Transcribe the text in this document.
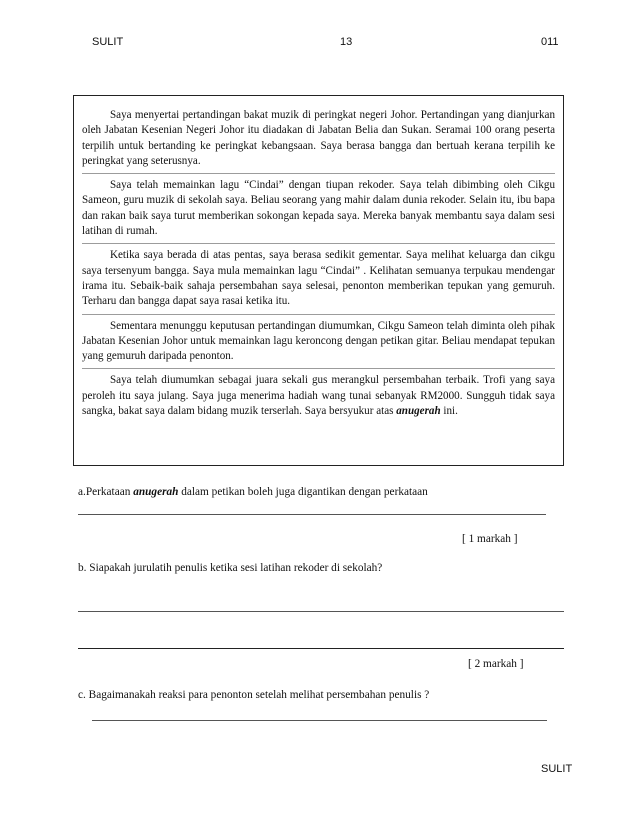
SULIT	13	011

Saya menyertai pertandingan bakat muzik di peringkat negeri Johor. Pertandingan yang dianjurkan oleh Jabatan Kesenian Negeri Johor itu diadakan di Jabatan Belia dan Sukan. Seramai 100 orang peserta terpilih untuk bertanding ke peringkat kebangsaan. Saya berasa bangga dan bertuah kerana terpilih ke peringkat yang seterusnya.

Saya telah memainkan lagu “Cindai” dengan tiupan rekoder. Saya telah dibimbing oleh Cikgu Sameon, guru muzik di sekolah saya. Beliau seorang yang mahir dalam dunia rekoder. Selain itu, ibu bapa dan rakan baik saya turut memberikan sokongan kepada saya. Mereka banyak membantu saya dalam sesi latihan di rumah.

Ketika saya berada di atas pentas, saya berasa sedikit gementar. Saya melihat keluarga dan cikgu saya tersenyum bangga. Saya mula memainkan lagu “Cindai” . Kelihatan semuanya terpukau mendengar irama itu. Sebaik-baik sahaja persembahan saya selesai, penonton memberikan tepukan yang gemuruh. Terharu dan bangga dapat saya rasai ketika itu.

Sementara menunggu keputusan pertandingan diumumkan, Cikgu Sameon telah diminta oleh pihak Jabatan Kesenian Johor untuk memainkan lagu keroncong dengan petikan gitar. Beliau mendapat tepukan yang gemuruh daripada penonton.

Saya telah diumumkan sebagai juara sekali gus merangkul persembahan terbaik. Trofi yang saya peroleh itu saya julang. Saya juga menerima hadiah wang tunai sebanyak RM2000. Sungguh tidak saya sangka, bakat saya dalam bidang muzik terserlah. Saya bersyukur atas anugerah ini.

a.Perkataan anugerah dalam petikan boleh juga digantikan dengan perkataan
[ 1 markah ]
b. Siapakah jurulatih penulis ketika sesi latihan rekoder di sekolah?
[ 2 markah ]
c. Bagaimanakah reaksi para penonton setelah melihat persembahan penulis ?
SULIT
